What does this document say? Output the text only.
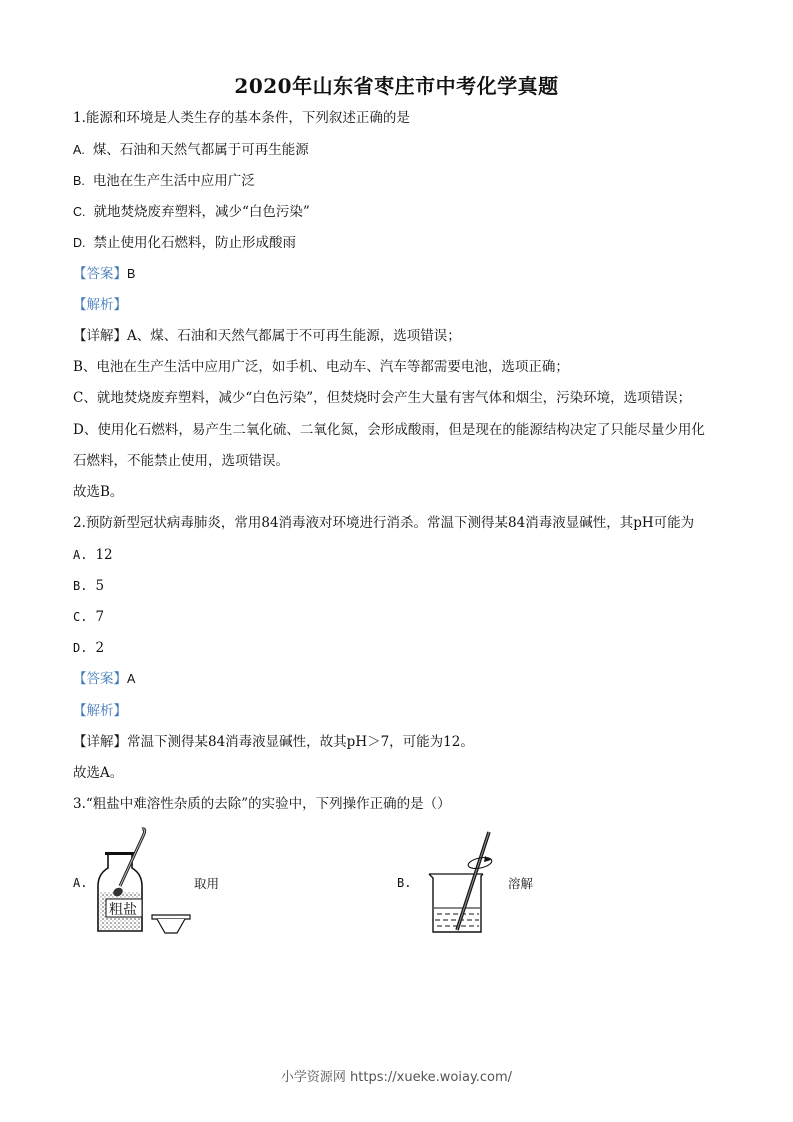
2020年山东省枣庄市中考化学真题
1.能源和环境是人类生存的基本条件，下列叙述正确的是
A. 煤、石油和天然气都属于可再生能源
B. 电池在生产生活中应用广泛
C. 就地焚烧废弃塑料，减少“白色污染”
D. 禁止使用化石燃料，防止形成酸雨
【答案】B
【解析】
【详解】A、煤、石油和天然气都属于不可再生能源，选项错误；
B、电池在生产生活中应用广泛，如手机、电动车、汽车等都需要电池，选项正确；
C、就地焚烧废弃塑料，减少“白色污染”，但焚烧时会产生大量有害气体和烟尘，污染环境，选项错误；
D、使用化石燃料，易产生二氧化硫、二氧化氮，会形成酸雨，但是现在的能源结构决定了只能尽量少用化
石燃料，不能禁止使用，选项错误。
故选B。
2.预防新型冠状病毒肺炎，常用84消毒液对环境进行消杀。常温下测得某84消毒液显碱性，其pH可能为
A. 12
B. 5
C. 7
D. 2
【答案】A
【解析】
【详解】常温下测得某84消毒液显碱性，故其pH＞7，可能为12。
故选A。
3.“粗盐中难溶性杂质的去除”的实验中，下列操作正确的是（）
A.
粗盐
取用	B.	溶解
小学资源网 https://xueke.woiay.com/
